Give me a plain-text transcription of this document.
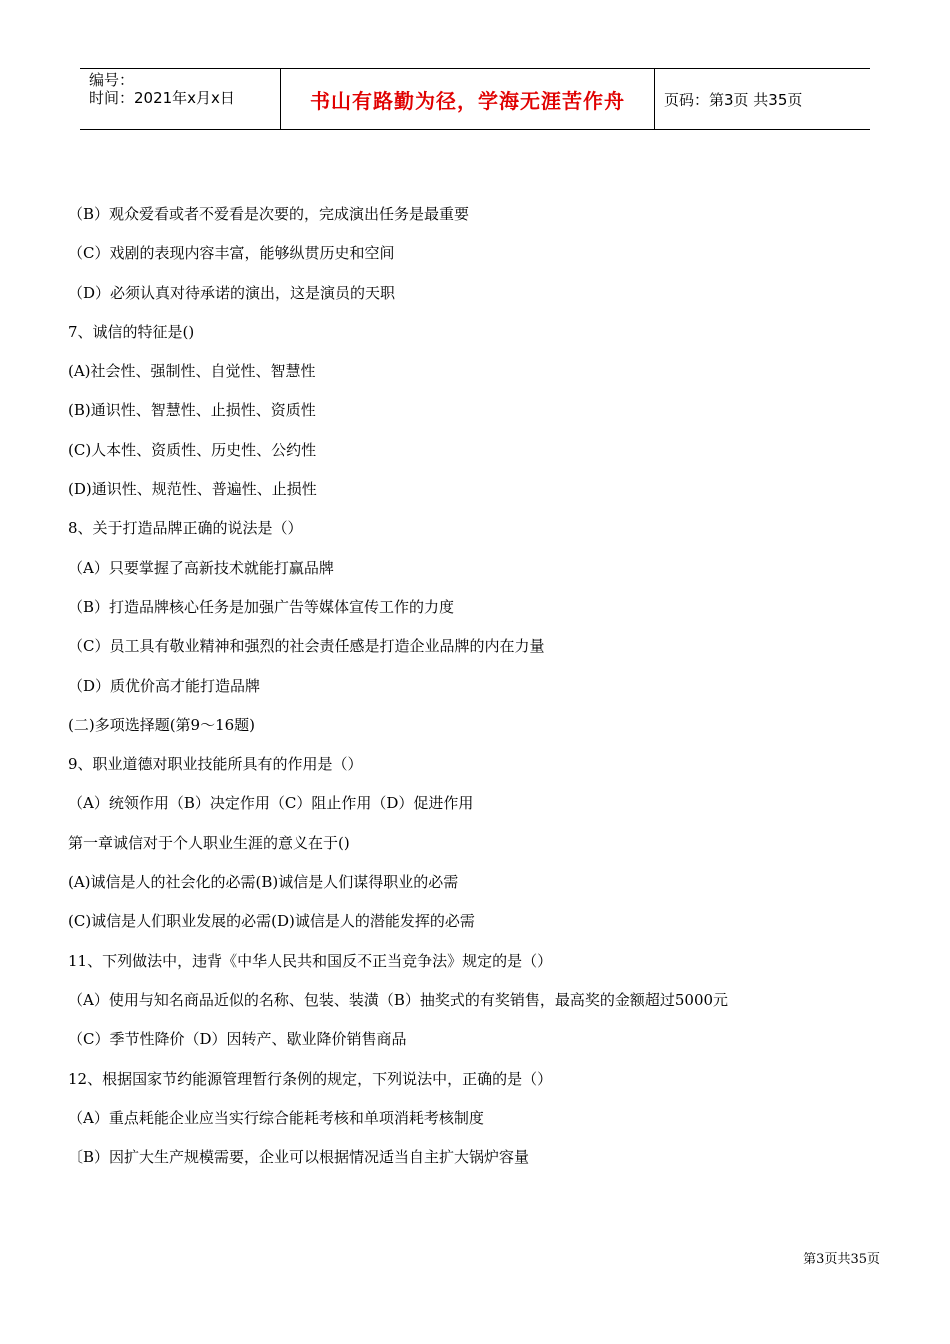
编号：
时间：2021年x月x日	书山有路勤为径，学海无涯苦作舟	页码：第3页 共35页
（B）观众爱看或者不爱看是次要的，完成演出任务是最重要
（C）戏剧的表现内容丰富，能够纵贯历史和空间
（D）必须认真对待承诺的演出，这是演员的天职
7、诚信的特征是()
(A)社会性、强制性、自觉性、智慧性
(B)通识性、智慧性、止损性、资质性
(C)人本性、资质性、历史性、公约性
(D)通识性、规范性、普遍性、止损性
8、关于打造品牌正确的说法是（）
（A）只要掌握了高新技术就能打赢品牌
（B）打造品牌核心任务是加强广告等媒体宣传工作的力度
（C）员工具有敬业精神和强烈的社会责任感是打造企业品牌的内在力量
（D）质优价高才能打造品牌
(二)多项选择题(第9～16题)
9、职业道德对职业技能所具有的作用是（）
（A）统领作用（B）决定作用（C）阻止作用（D）促进作用
第一章诚信对于个人职业生涯的意义在于()
(A)诚信是人的社会化的必需(B)诚信是人们谋得职业的必需
(C)诚信是人们职业发展的必需(D)诚信是人的潜能发挥的必需
11、下列做法中，违背《中华人民共和国反不正当竞争法》规定的是（）
（A）使用与知名商品近似的名称、包装、装潢（B）抽奖式的有奖销售，最高奖的金额超过5000元
（C）季节性降价（D）因转产、歇业降价销售商品
12、根据国家节约能源管理暂行条例的规定，下列说法中，正确的是（）
（A）重点耗能企业应当实行综合能耗考核和单项消耗考核制度
〔B）因扩大生产规模需要，企业可以根据情况适当自主扩大锅炉容量
第3页共35页
